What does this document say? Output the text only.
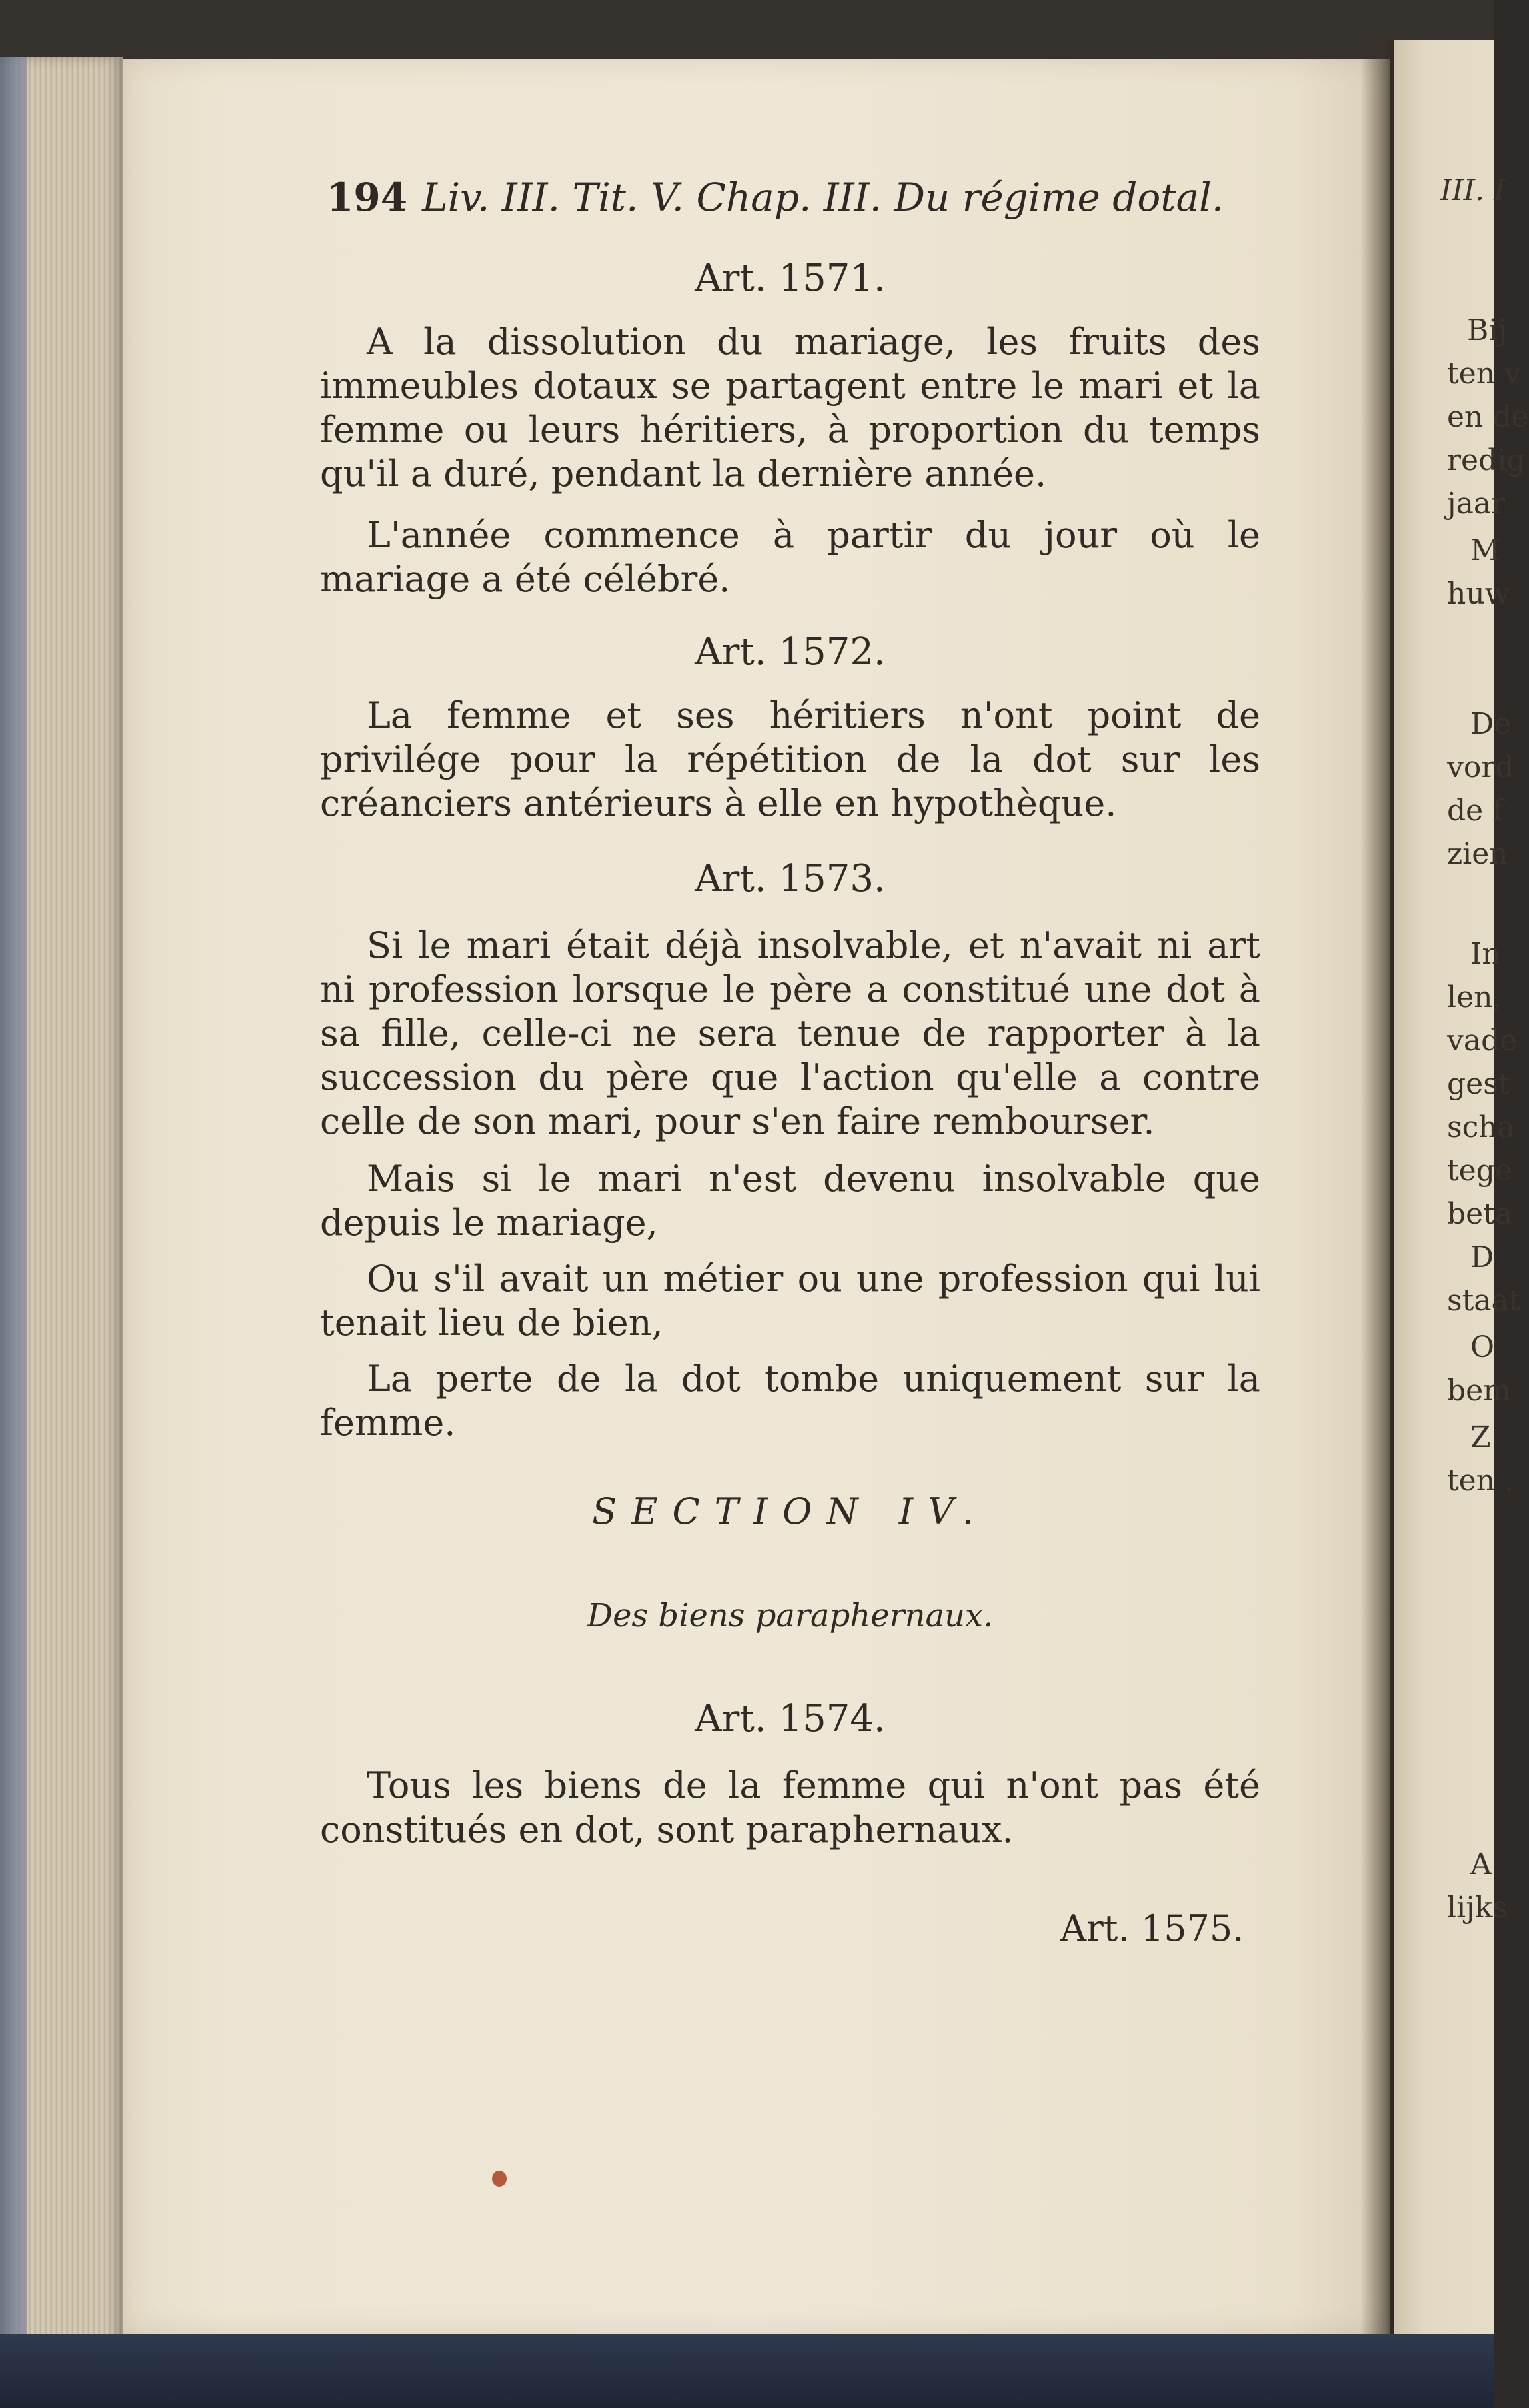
III. I
Bij
ten v
en de
redig
jaar
M
huw
De
vord
de f
zien
In
len,
vade
gest
scha
tege
beta
D
staat
O
bem
Z
ten .
A
lijks
194 Liv. III. Tit. V. Chap. III. Du régime dotal.
Art. 1571.
A la dissolution du mariage, les fruits des immeubles dotaux se partagent entre le mari et la femme ou leurs héritiers, à proportion du temps qu'il a duré, pendant la dernière année.
L'année commence à partir du jour où le mariage a été célébré.
Art. 1572.
La femme et ses héritiers n'ont point de privilége pour la répétition de la dot sur les créanciers antérieurs à elle en hypothèque.
Art. 1573.
Si le mari était déjà insolvable, et n'avait ni art ni profession lorsque le père a constitué une dot à sa fille, celle-ci ne sera tenue de rapporter à la succession du père que l'action qu'elle a contre celle de son mari, pour s'en faire rembourser.
Mais si le mari n'est devenu insolvable que depuis le mariage,
Ou s'il avait un métier ou une profession qui lui tenait lieu de bien,
La perte de la dot tombe uniquement sur la femme.
SECTION IV.
Des biens paraphernaux.
Art. 1574.
Tous les biens de la femme qui n'ont pas été constitués en dot, sont paraphernaux.
Art. 1575.
